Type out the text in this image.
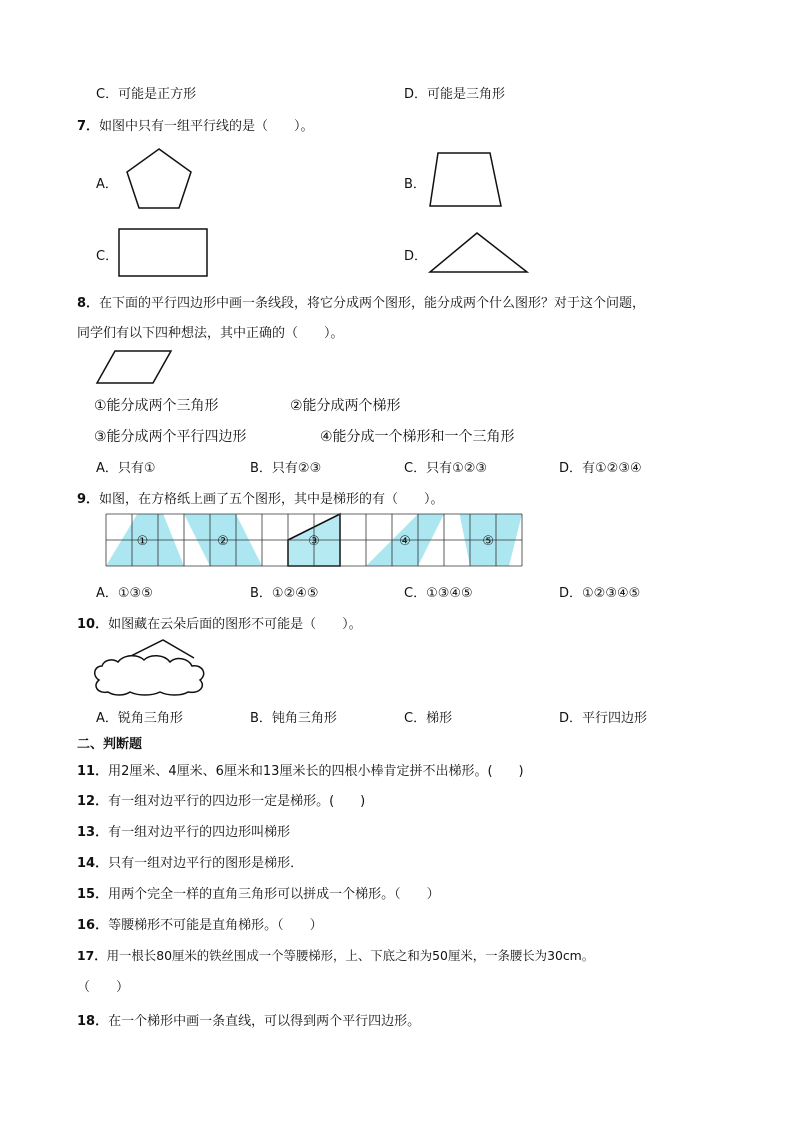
C．可能是正方形	D．可能是三角形
7．如图中只有一组平行线的是（　　）。
A．	B．
C．	D．
8．在下面的平行四边形中画一条线段，将它分成两个图形，能分成两个什么图形？对于这个问题，
同学们有以下四种想法，其中正确的（　　）。
①能分成两个三角形	②能分成两个梯形
③能分成两个平行四边形	④能分成一个梯形和一个三角形
A．只有①	B．只有②③	C．只有①②③	D．有①②③④
9．如图，在方格纸上画了五个图形，其中是梯形的有（　　）。
①	②	③	④	⑤
A．①③⑤	B．①②④⑤	C．①③④⑤	D．①②③④⑤
10．如图藏在云朵后面的图形不可能是（　　）。
A．锐角三角形	B．钝角三角形	C．梯形	D．平行四边形
二、判断题
11．用2厘米、4厘米、6厘米和13厘米长的四根小棒肯定拼不出梯形。(　　)
12．有一组对边平行的四边形一定是梯形。(　　)
13．有一组对边平行的四边形叫梯形
14．只有一组对边平行的图形是梯形．
15．用两个完全一样的直角三角形可以拼成一个梯形。（　　）
16．等腰梯形不可能是直角梯形。（　　）
17．用一根长80厘米的铁丝围成一个等腰梯形，上、下底之和为50厘米，一条腰长为30cm。
（　　）
18．在一个梯形中画一条直线，可以得到两个平行四边形。
